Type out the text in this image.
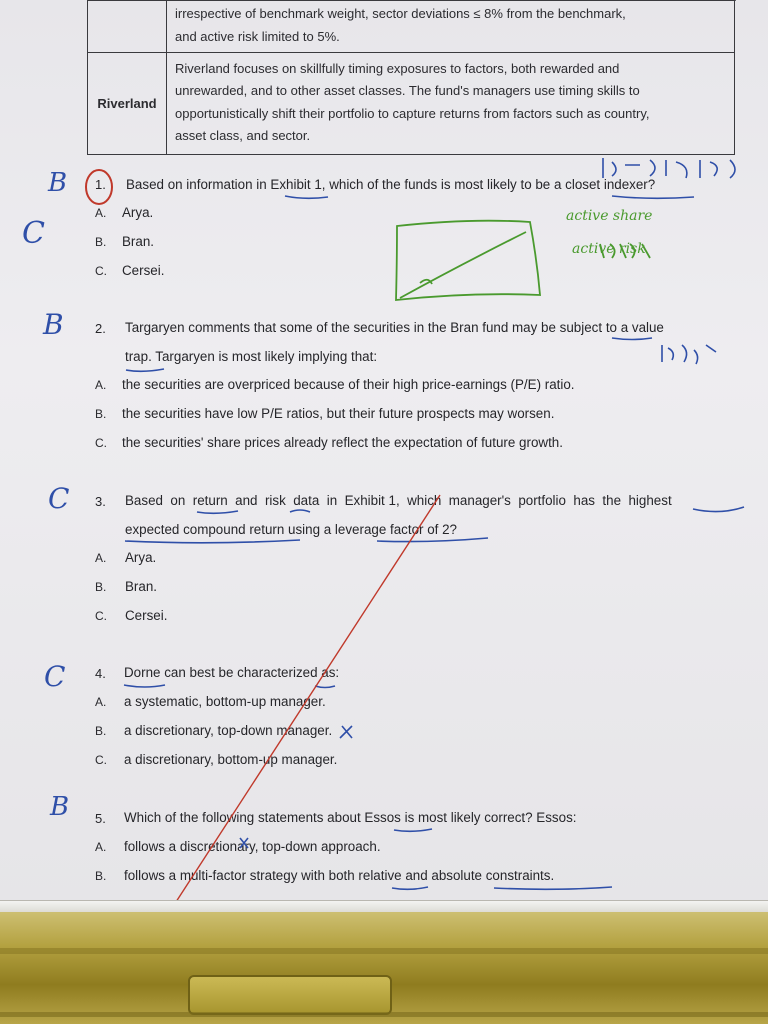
	irrespective of benchmark weight, sector deviations ≤ 8% from the benchmark,
and active risk limited to 5%.

Riverland	Riverland focuses on skillfully timing exposures to factors, both rewarded and
unrewarded, and to other asset classes. The fund's managers use timing skills to
opportunistically shift their portfolio to capture returns from factors such as country,
asset class, and sector.
1. Based on information in Exhibit 1, which of the funds is most likely to be a closet indexer?
A. Arya.
B. Bran.
C. Cersei.
2. Targaryen comments that some of the securities in the Bran fund may be subject to a value
trap. Targaryen is most likely implying that:
A. the securities are overpriced because of their high price-earnings (P/E) ratio.
B. the securities have low P/E ratios, but their future prospects may worsen.
C. the securities' share prices already reflect the expectation of future growth.
3. Based  on  return  and  risk  data  in  Exhibit 1,  which  manager's  portfolio  has  the  highest
expected compound return using a leverage factor of 2?
A. Arya.
B. Bran.
C. Cersei.
4. Dorne can best be characterized as:
A. a systematic, bottom-up manager.
B. a discretionary, top-down manager.
C. a discretionary, bottom-up manager.
5. Which of the following statements about Essos is most likely correct? Essos:
A. follows a discretionary, top-down approach.
B. follows a multi-factor strategy with both relative and absolute constraints.
B
B
C
C
B
C	active share
active risk
